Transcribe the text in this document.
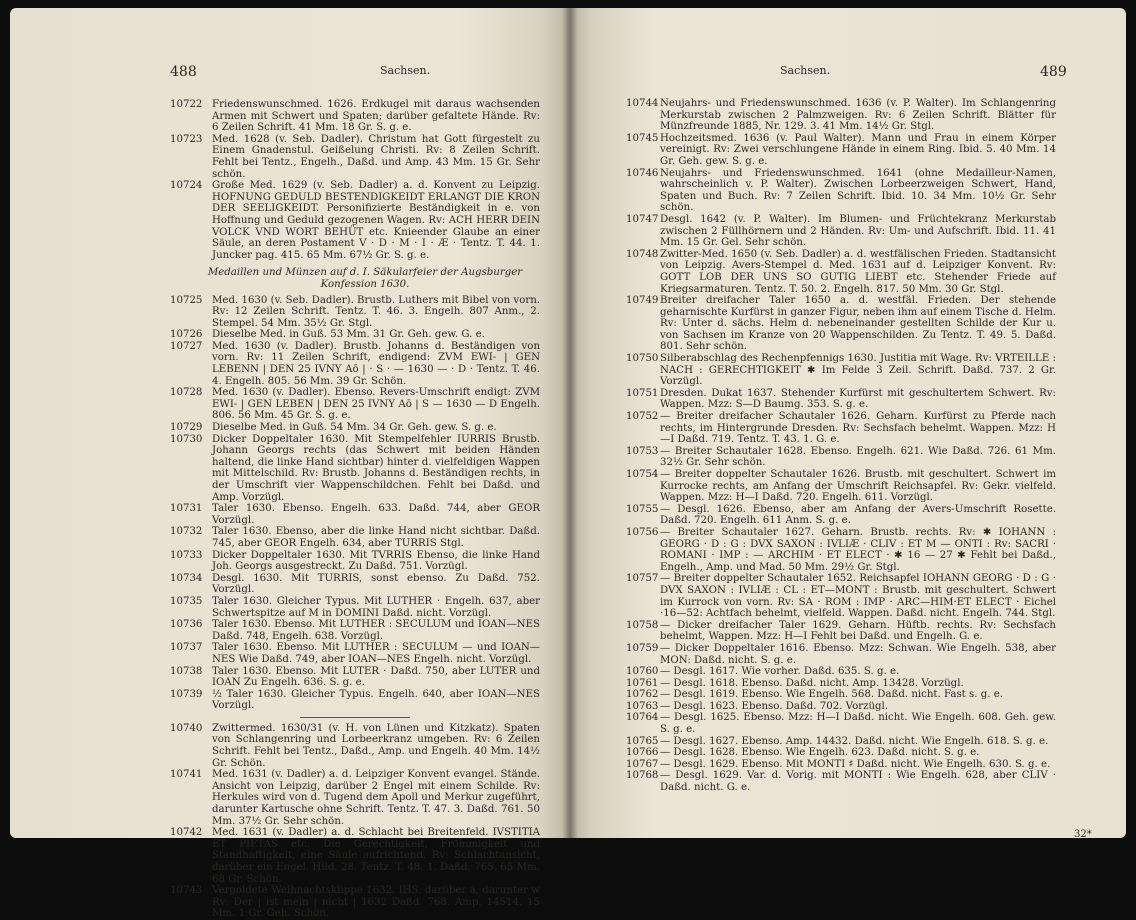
488	Sachsen.
10722 Friedenswunschmed. 1626. Erdkugel mit daraus wachsenden Armen mit Schwert und Spaten; darüber gefaltete Hände. Rv: 6 Zeilen Schrift. 41 Mm. 18 Gr. S. g. e.
10723 Med. 1628 (v. Seb. Dadler). Christum hat Gott fürgestelt zu Einem Gnadenstul. Geißelung Christi. Rv: 8 Zeilen Schrift. Fehlt bei Tentz., Engelh., Daßd. und Amp. 43 Mm. 15 Gr. Sehr schön.
10724 Große Med. 1629 (v. Seb. Dadler) a. d. Konvent zu Leipzig. HOFNUNG GEDULD BESTENDIGKEIDT ERLANGT DIE KRON DER SEELIGKEIDT. Personifizierte Beständigkeit in e. von Hoffnung und Geduld gezogenen Wagen. Rv: ACH HERR DEIN VOLCK VND WORT BEHÜT etc. Knieender Glaube an einer Säule, an deren Postament V · D · M · I · Æ · Tentz. T. 44. 1. Juncker pag. 415. 65 Mm. 67½ Gr. S. g. e.
Medaillen und Münzen auf d. I. Säkularfeier der Augsburger Konfession 1630.
10725 Med. 1630 (v. Seb. Dadler). Brustb. Luthers mit Bibel von vorn. Rv: 12 Zeilen Schrift. Tentz. T. 46. 3. Engelh. 807 Anm., 2. Stempel. 54 Mm. 35½ Gr. Stgl.
10726 Dieselbe Med. in Guß. 53 Mm. 31 Gr. Geh. gew. G. e.
10727 Med. 1630 (v. Dadler). Brustb. Johanns d. Beständigen von vorn. Rv: 11 Zeilen Schrift, endigend: ZVM EWI- | GEN LEBENN | DEN 25 IVNY Aō | · S · — 1630 — · D · Tentz. T. 46. 4. Engelh. 805. 56 Mm. 39 Gr. Schön.
10728 Med. 1630 (v. Dadler). Ebenso. Revers-Umschrift endigt: ZVM EWI- | GEN LEBEN | DEN 25 IVNY Aō | S — 1630 — D Engelh. 806. 56 Mm. 45 Gr. S. g. e.
10729 Dieselbe Med. in Guß. 54 Mm. 34 Gr. Geh. gew. S. g. e.
10730 Dicker Doppeltaler 1630. Mit Stempelfehler IURRIS Brustb. Johann Georgs rechts (das Schwert mit beiden Händen haltend, die linke Hand sichtbar) hinter d. vielfeldigen Wappen mit Mittelschild. Rv: Brustb. Johanns d. Beständigen rechts, in der Umschrift vier Wappenschildchen. Fehlt bei Daßd. und Amp. Vorzügl.
10731 Taler 1630. Ebenso. Engelh. 633. Daßd. 744, aber GEOR Vorzügl.
10732 Taler 1630. Ebenso, aber die linke Hand nicht sichtbar. Daßd. 745, aber GEOR Engelh. 634, aber TURRIS Stgl.
10733 Dicker Doppeltaler 1630. Mit TVRRIS Ebenso, die linke Hand Joh. Georgs ausgestreckt. Zu Daßd. 751. Vorzügl.
10734 Desgl. 1630. Mit TURRIS, sonst ebenso. Zu Daßd. 752. Vorzügl.
10735 Taler 1630. Gleicher Typus. Mit LUTHER · Engelh. 637, aber Schwertspitze auf M in DOMINI Daßd. nicht. Vorzügl.
10736 Taler 1630. Ebenso. Mit LUTHER : SECULUM und IOAN—NES Daßd. 748, Engelh. 638. Vorzügl.
10737 Taler 1630. Ebenso. Mit LUTHER : SECULUM — und IOAN—NES Wie Daßd. 749, aber IOAN—NES Engelh. nicht. Vorzügl.
10738 Taler 1630. Ebenso. Mit LUTER · Daßd. 750, aber LUTER und IOAN Zu Engelh. 636. S. g. e.
10739 ½ Taler 1630. Gleicher Typus. Engelh. 640, aber IOAN—NES Vorzügl.
10740 Zwittermed. 1630/31 (v. H. von Lünen und Kitzkatz). Spaten von Schlangenring und Lorbeerkranz umgeben. Rv: 6 Zeilen Schrift. Fehlt bei Tentz., Daßd., Amp. und Engelh. 40 Mm. 14½ Gr. Schön.
10741 Med. 1631 (v. Dadler) a. d. Leipziger Konvent evangel. Stände. Ansicht von Leipzig, darüber 2 Engel mit einem Schilde. Rv: Herkules wird von d. Tugend dem Apoll und Merkur zugeführt, darunter Kartusche ohne Schrift. Tentz. T. 47. 3. Daßd. 761. 50 Mm. 37½ Gr. Sehr schön.
10742 Med. 1631 (v. Dadler) a. d. Schlacht bei Breitenfeld. IVSTITIA ET PIETAS etc. Die Gerechtigkeit, Frömmigkeit und Standhaftigkeit, eine Säule aufrichtend. Rv: Schlachtansicht, darüber ein Engel. Hild. 28. Tentz. T. 48. 1. Daßd. 765. 65 Mm. 68 Gr. Schön.
10743 Vergoldete Weihnachtsklippe 1632. IHS, darüber a, darunter w Rv: Der | ist mein | nicht | 1632 Daßd. 768. Amp. 14514. 15 Mm. 1 Gr. Geh. Schön.
Sachsen.	489
10744 Neujahrs- und Friedenswunschmed. 1636 (v. P. Walter). Im Schlangenring Merkurstab zwischen 2 Palmzweigen. Rv: 6 Zeilen Schrift. Blätter für Münzfreunde 1885, Nr. 129. 3. 41 Mm. 14½ Gr. Stgl.
10745 Hochzeitsmed. 1636 (v. Paul Walter). Mann und Frau in einem Körper vereinigt. Rv: Zwei verschlungene Hände in einem Ring. Ibid. 5. 40 Mm. 14 Gr. Geh. gew. S. g. e.
10746 Neujahrs- und Friedenswunschmed. 1641 (ohne Medailleur-Namen, wahrscheinlich v. P. Walter). Zwischen Lorbeerzweigen Schwert, Hand, Spaten und Buch. Rv: 7 Zeilen Schrift. Ibid. 10. 34 Mm. 10½ Gr. Sehr schön.
10747 Desgl. 1642 (v. P. Walter). Im Blumen- und Früchtekranz Merkurstab zwischen 2 Füllhörnern und 2 Händen. Rv: Um- und Aufschrift. Ibid. 11. 41 Mm. 15 Gr. Gel. Sehr schön.
10748 Zwitter-Med. 1650 (v. Seb. Dadler) a. d. westfälischen Frieden. Stadtansicht von Leipzig. Avers-Stempel d. Med. 1631 auf d. Leipziger Konvent. Rv: GOTT LOB DER UNS SO GUTIG LIEBT etc. Stehender Friede auf Kriegsarmaturen. Tentz. T. 50. 2. Engelh. 817. 50 Mm. 30 Gr. Stgl.
10749 Breiter dreifacher Taler 1650 a. d. westfäl. Frieden. Der stehende geharnischte Kurfürst in ganzer Figur, neben ihm auf einem Tische d. Helm. Rv: Unter d. sächs. Helm d. nebeneinander gestellten Schilde der Kur u. von Sachsen im Kranze von 20 Wappenschilden. Zu Tentz. T. 49. 5. Daßd. 801. Sehr schön.
10750 Silberabschlag des Rechenpfennigs 1630. Justitia mit Wage. Rv: VRTEILLE : NACH : GERECHTIGKEIT ✱ Im Felde 3 Zeil. Schrift. Daßd. 737. 2 Gr. Vorzügl.
10751 Dresden. Dukat 1637. Stehender Kurfürst mit geschultertem Schwert. Rv: Wappen. Mzz: S—D Baumg. 353. S. g. e.
10752 — Breiter dreifacher Schautaler 1626. Geharn. Kurfürst zu Pferde nach rechts, im Hintergrunde Dresden. Rv: Sechsfach behelmt. Wappen. Mzz: H—I Daßd. 719. Tentz. T. 43. 1. G. e.
10753 — Breiter Schautaler 1628. Ebenso. Engelh. 621. Wie Daßd. 726. 61 Mm. 32½ Gr. Sehr schön.
10754 — Breiter doppelter Schautaler 1626. Brustb. mit geschultert. Schwert im Kurrocke rechts, am Anfang der Umschrift Reichsapfel. Rv: Gekr. vielfeld. Wappen. Mzz: H—I Daßd. 720. Engelh. 611. Vorzügl.
10755 — Desgl. 1626. Ebenso, aber am Anfang der Avers-Umschrift Rosette. Daßd. 720. Engelh. 611 Anm. S. g. e.
10756 — Breiter Schautaler 1627. Geharn. Brustb. rechts. Rv: ✱ IOHANN : GEORG · D : G : DVX SAXON : IVLIÆ · CLIV : ET M — ONTI : Rv: SACRI · ROMANI · IMP : — ARCHIM · ET ELECT · ✱ 16 — 27 ✱ Fehlt bei Daßd., Engelh., Amp. und Mad. 50 Mm. 29½ Gr. Stgl.
10757 — Breiter doppelter Schautaler 1652. Reichsapfel IOHANN GEORG · D : G · DVX SAXON : IVLIÆ : CL : ET—MONT : Brustb. mit geschultert. Schwert im Kurrock von vorn. Rv: SA · ROM : IMP · ARC—HIM·ET ELECT · Eichel ·16—52: Achtfach behelmt, vielfeld. Wappen. Daßd. nicht. Engelh. 744. Stgl.
10758 — Dicker dreifacher Taler 1629. Geharn. Hüftb. rechts. Rv: Sechsfach behelmt, Wappen. Mzz: H—I Fehlt bei Daßd. und Engelh. G. e.
10759 — Dicker Doppeltaler 1616. Ebenso. Mzz: Schwan. Wie Engelh. 538, aber MON: Daßd. nicht. S. g. e.
10760 — Desgl. 1617. Wie vorher. Daßd. 635. S. g. e.
10761 — Desgl. 1618. Ebenso. Daßd. nicht. Amp. 13428. Vorzügl.
10762 — Desgl. 1619. Ebenso. Wie Engelh. 568. Daßd. nicht. Fast s. g. e.
10763 — Desgl. 1623. Ebenso. Daßd. 702. Vorzügl.
10764 — Desgl. 1625. Ebenso. Mzz: H—I Daßd. nicht. Wie Engelh. 608. Geh. gew. S. g. e.
10765 — Desgl. 1627. Ebenso. Amp. 14432. Daßd. nicht. Wie Engelh. 618. S. g. e.
10766 — Desgl. 1628. Ebenso. Wie Engelh. 623. Daßd. nicht. S. g. e.
10767 — Desgl. 1629. Ebenso. Mit MONTI ♯ Daßd. nicht. Wie Engelh. 630. S. g. e.
10768 — Desgl. 1629. Var. d. Vorig. mit MONTI : Wie Engelh. 628, aber CLIV · Daßd. nicht. G. e.
32*
